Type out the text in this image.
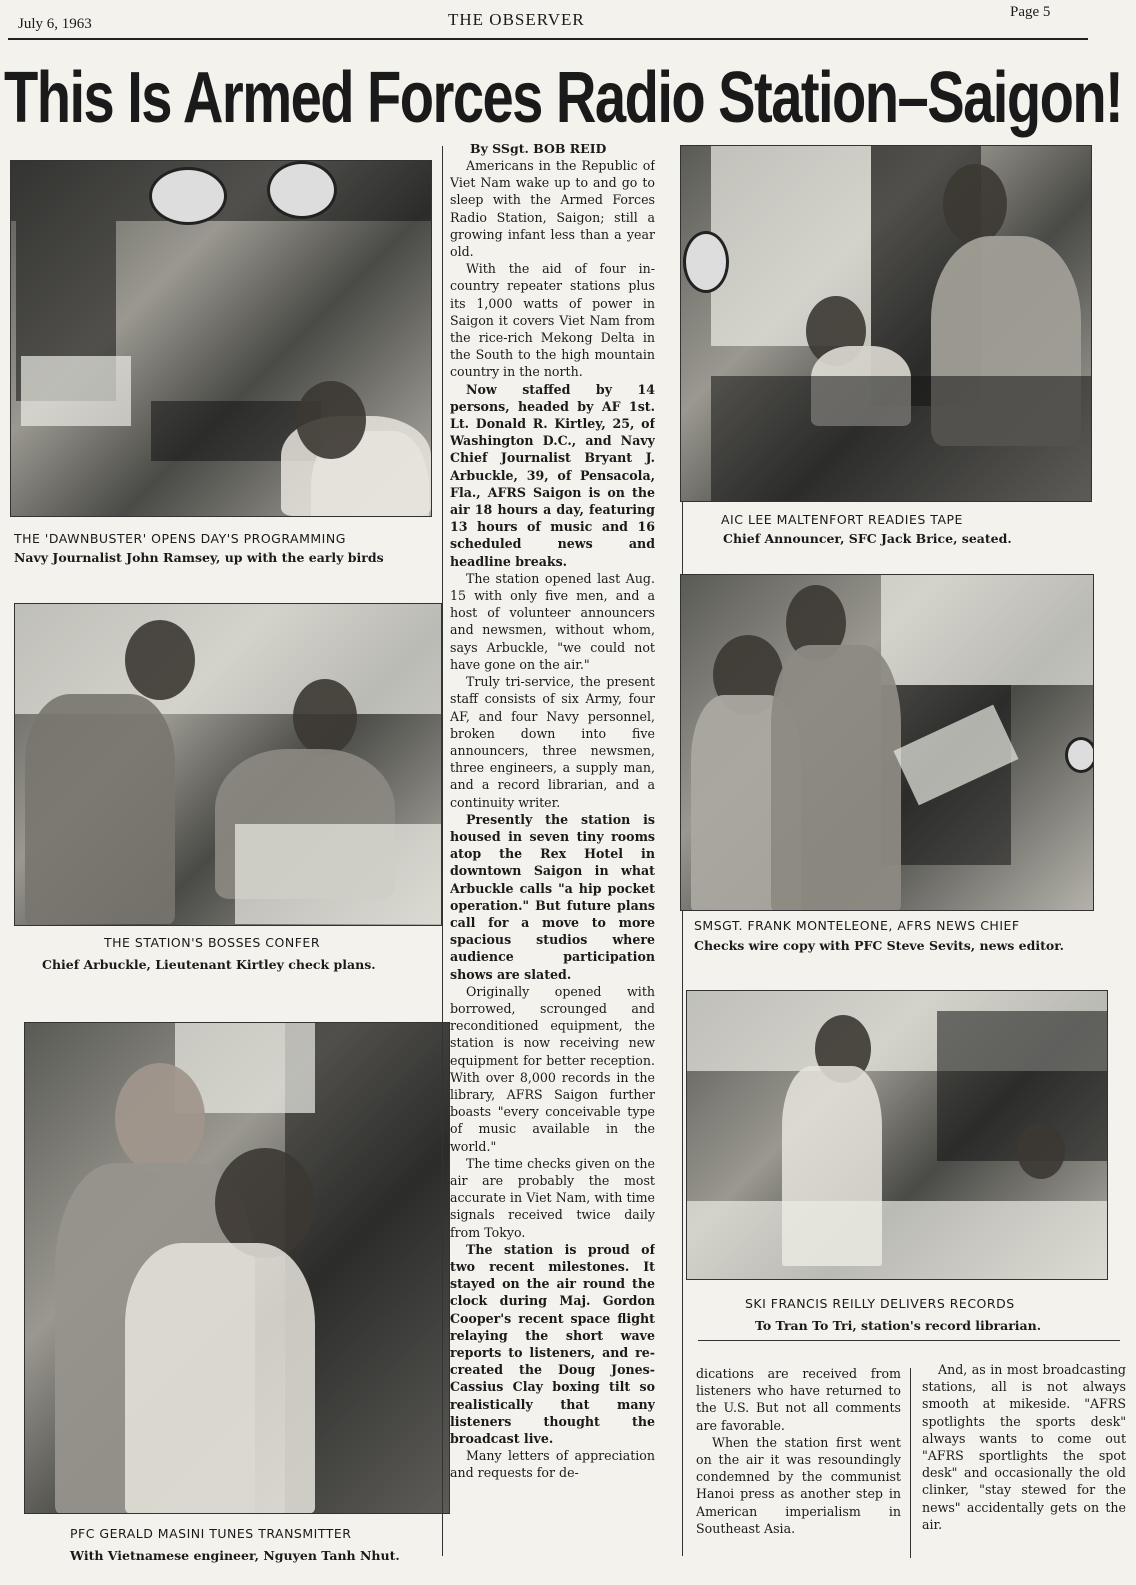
July 6, 1963	THE OBSERVER	Page 5
This Is Armed Forces Radio Station–Saigon!
THE 'DAWNBUSTER' OPENS DAY'S PROGRAMMING
Navy Journalist John Ramsey, up with the early birds
THE STATION'S BOSSES CONFER
Chief Arbuckle, Lieutenant Kirtley check plans.
PFC GERALD MASINI TUNES TRANSMITTER
With Vietnamese engineer, Nguyen Tanh Nhut.
By SSgt. BOB REID

Americans in the Republic of Viet Nam wake up to and go to sleep with the Armed Forces Radio Station, Saigon; still a growing infant less than a year old.

With the aid of four in-country repeater stations plus its 1,000 watts of power in Saigon it covers Viet Nam from the rice-rich Mekong Delta in the South to the high mountain country in the north.

Now staffed by 14 persons, headed by AF 1st. Lt. Donald R. Kirtley, 25, of Washington D.C., and Navy Chief Journalist Bryant J. Arbuckle, 39, of Pensacola, Fla., AFRS Saigon is on the air 18 hours a day, featuring 13 hours of music and 16 scheduled news and headline breaks.

The station opened last Aug. 15 with only five men, and a host of volunteer announcers and newsmen, without whom, says Arbuckle, "we could not have gone on the air."

Truly tri-service, the present staff consists of six Army, four AF, and four Navy personnel, broken down into five announcers, three newsmen, three engineers, a supply man, and a record librarian, and a continuity writer.

Presently the station is housed in seven tiny rooms atop the Rex Hotel in downtown Saigon in what Arbuckle calls "a hip pocket operation." But future plans call for a move to more spacious studios where audience participation shows are slated.

Originally opened with borrowed, scrounged and reconditioned equipment, the station is now receiving new equipment for better reception. With over 8,000 records in the library, AFRS Saigon further boasts "every conceivable type of music available in the world."

The time checks given on the air are probably the most accurate in Viet Nam, with time signals received twice daily from Tokyo.

The station is proud of two recent milestones. It stayed on the air round the clock during Maj. Gordon Cooper's recent space flight relaying the short wave reports to listeners, and re-created the Doug Jones-Cassius Clay boxing tilt so realistically that many listeners thought the broadcast live.

Many letters of appreciation and requests for de-

AIC LEE MALTENFORT READIES TAPE
Chief Announcer, SFC Jack Brice, seated.
SMSGT. FRANK MONTELEONE, AFRS NEWS CHIEF
Checks wire copy with PFC Steve Sevits, news editor.
SKI FRANCIS REILLY DELIVERS RECORDS
To Tran To Tri, station's record librarian.

dications are received from listeners who have returned to the U.S. But not all comments are favorable.

When the station first went on the air it was resoundingly condemned by the communist Hanoi press as another step in American imperialism in Southeast Asia.

And, as in most broadcasting stations, all is not always smooth at mikeside. "AFRS spotlights the sports desk" always wants to come out "AFRS sportlights the spot desk" and occasionally the old clinker, "stay stewed for the news" accidentally gets on the air.
